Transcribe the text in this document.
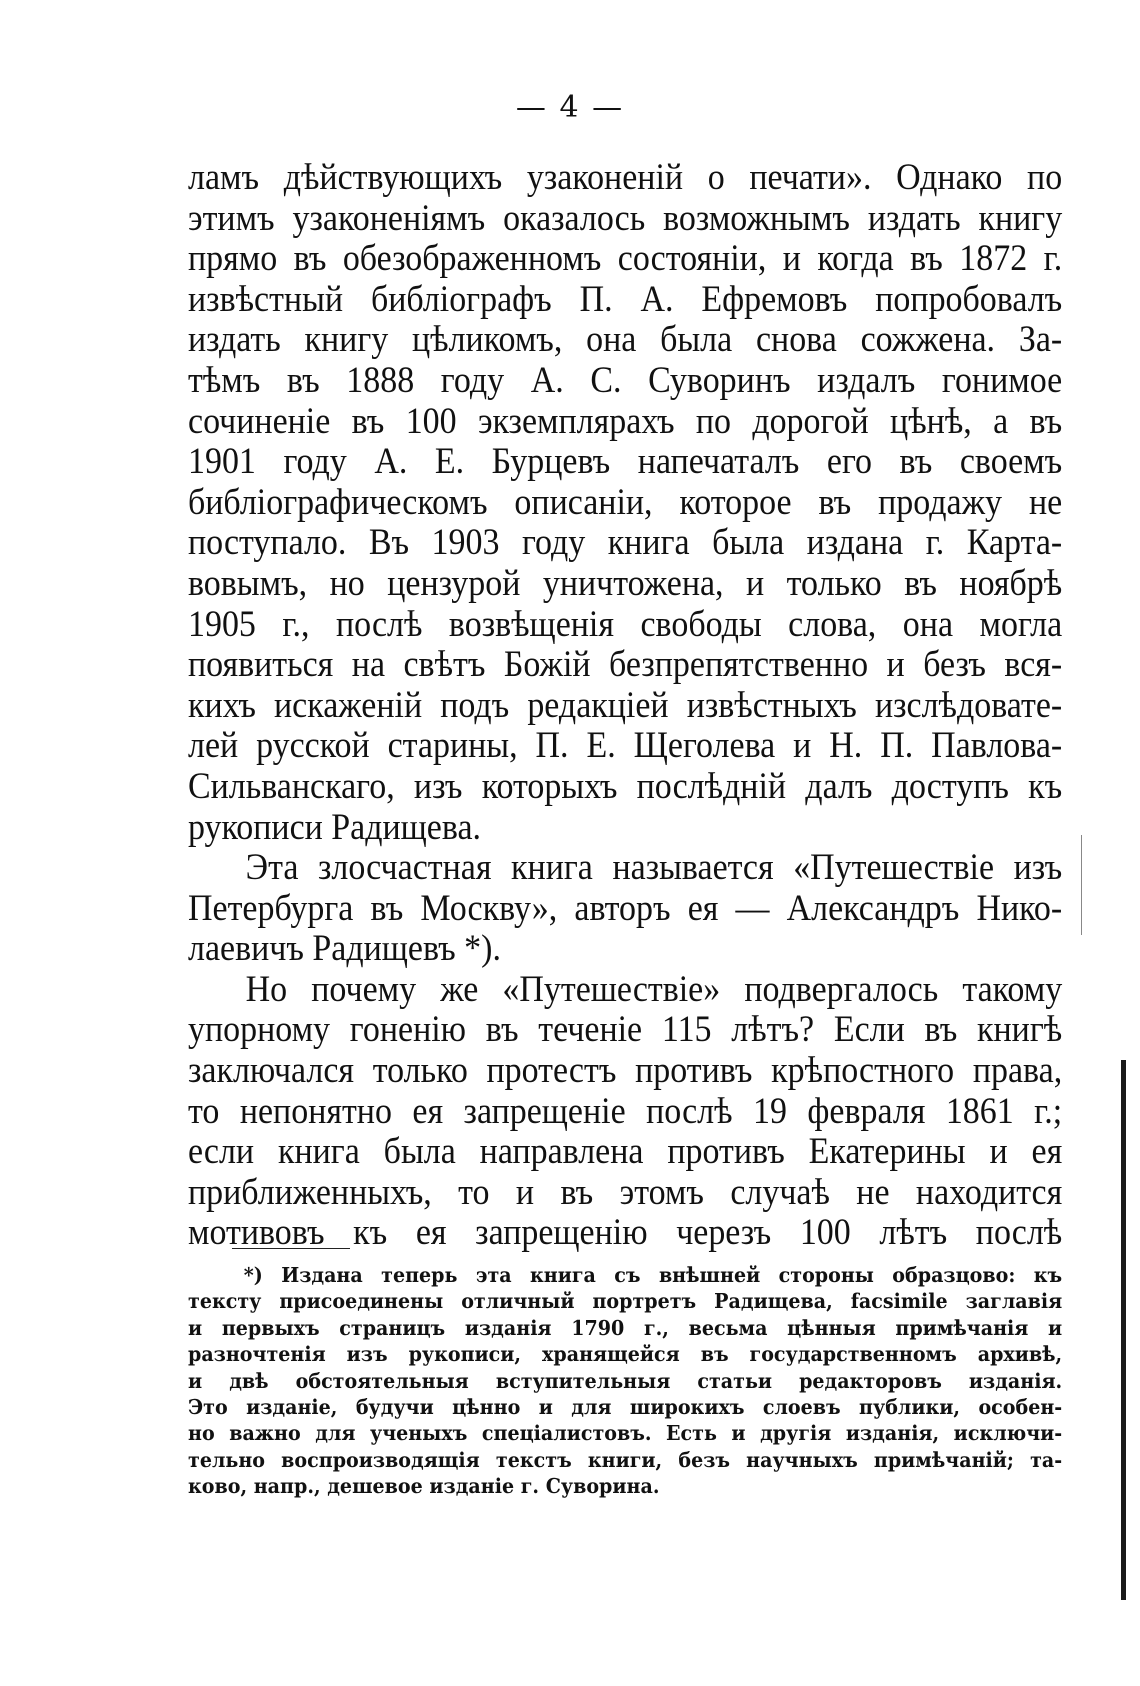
— 4 —
ламъ дѣйствующихъ узаконеній о печати». Однако по
этимъ узаконеніямъ оказалось возможнымъ издать книгу
прямо въ обезображенномъ состояніи, и когда въ 1872 г.
извѣстный библіографъ П. А. Ефремовъ попробовалъ
издать книгу цѣликомъ, она была снова сожжена. За-
тѣмъ въ 1888 году А. С. Суворинъ издалъ гонимое
сочиненіе въ 100 экземплярахъ по дорогой цѣнѣ, а въ
1901 году А. Е. Бурцевъ напечаталъ его въ своемъ
библіографическомъ описаніи, которое въ продажу не
поступало. Въ 1903 году книга была издана г. Карта-
вовымъ, но цензурой уничтожена, и только въ ноябрѣ
1905 г., послѣ возвѣщенія свободы слова, она могла
появиться на свѣтъ Божій безпрепятственно и безъ вся-
кихъ искаженій подъ редакціей извѣстныхъ изслѣдовате-
лей русской старины, П. Е. Щеголева и Н. П. Павлова-
Сильванскаго, изъ которыхъ послѣдній далъ доступъ къ
рукописи Радищева.
Эта злосчастная книга называется «Путешествіе изъ
Петербурга въ Москву», авторъ ея — Александръ Нико-
лаевичъ Радищевъ *).
Но почему же «Путешествіе» подвергалось такому
упорному гоненію въ теченіе 115 лѣтъ? Если въ книгѣ
заключался только протестъ противъ крѣпостного права,
то непонятно ея запрещеніе послѣ 19 февраля 1861 г.;
если книга была направлена противъ Екатерины и ея
приближенныхъ, то и въ этомъ случаѣ не находится
мотивовъ къ ея запрещенію черезъ 100 лѣтъ послѣ
*) Издана теперь эта книга съ внѣшней стороны образцово: къ
тексту присоединены отличный портретъ Радищева, facsimile заглавія
и первыхъ страницъ изданія 1790 г., весьма цѣнныя примѣчанія и
разночтенія изъ рукописи, хранящейся въ государственномъ архивѣ,
и двѣ обстоятельныя вступительныя статьи редакторовъ изданія.
Это изданіе, будучи цѣнно и для широкихъ слоевъ публики, особен-
но важно для ученыхъ спеціалистовъ. Есть и другія изданія, исключи-
тельно воспроизводящія текстъ книги, безъ научныхъ примѣчаній; та-
ково, напр., дешевое изданіе г. Суворина.
